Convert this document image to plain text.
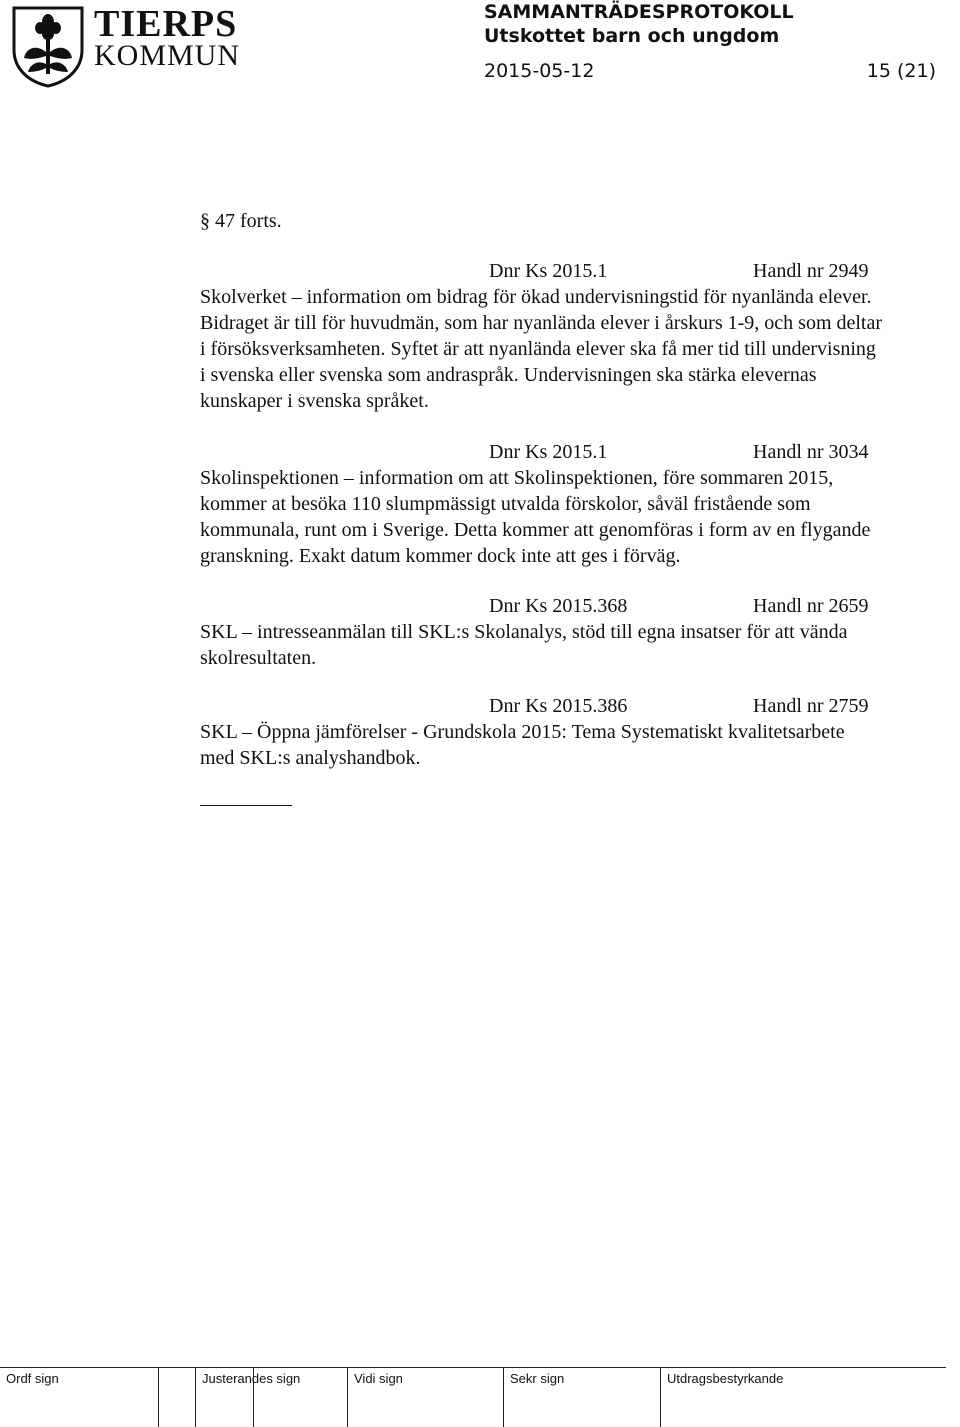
TIERPS
KOMMUN
SAMMANTRÄDESPROTOKOLL
Utskottet barn och ungdom
2015-05-12	15 (21)
§ 47 forts.
Dnr Ks 2015.1	Handl nr 2949
Skolverket – information om bidrag för ökad undervisningstid för nyanlända elever.
Bidraget är till för huvudmän, som har nyanlända elever i årskurs 1-9, och som deltar
i försöksverksamheten. Syftet är att nyanlända elever ska få mer tid till undervisning
i svenska eller svenska som andraspråk. Undervisningen ska stärka elevernas
kunskaper i svenska språket.
Dnr Ks 2015.1	Handl nr 3034
Skolinspektionen – information om att Skolinspektionen, före sommaren 2015,
kommer at besöka 110 slumpmässigt utvalda förskolor, såväl fristående som
kommunala, runt om i Sverige. Detta kommer att genomföras i form av en flygande
granskning. Exakt datum kommer dock inte att ges i förväg.
Dnr Ks 2015.368	Handl nr 2659
SKL – intresseanmälan till SKL:s Skolanalys, stöd till egna insatser för att vända
skolresultaten.
Dnr Ks 2015.386	Handl nr 2759
SKL – Öppna jämförelser - Grundskola 2015: Tema Systematiskt kvalitetsarbete
med SKL:s analyshandbok.
Ordf sign	Justerandes sign	Vidi sign	Sekr sign	Utdragsbestyrkande
